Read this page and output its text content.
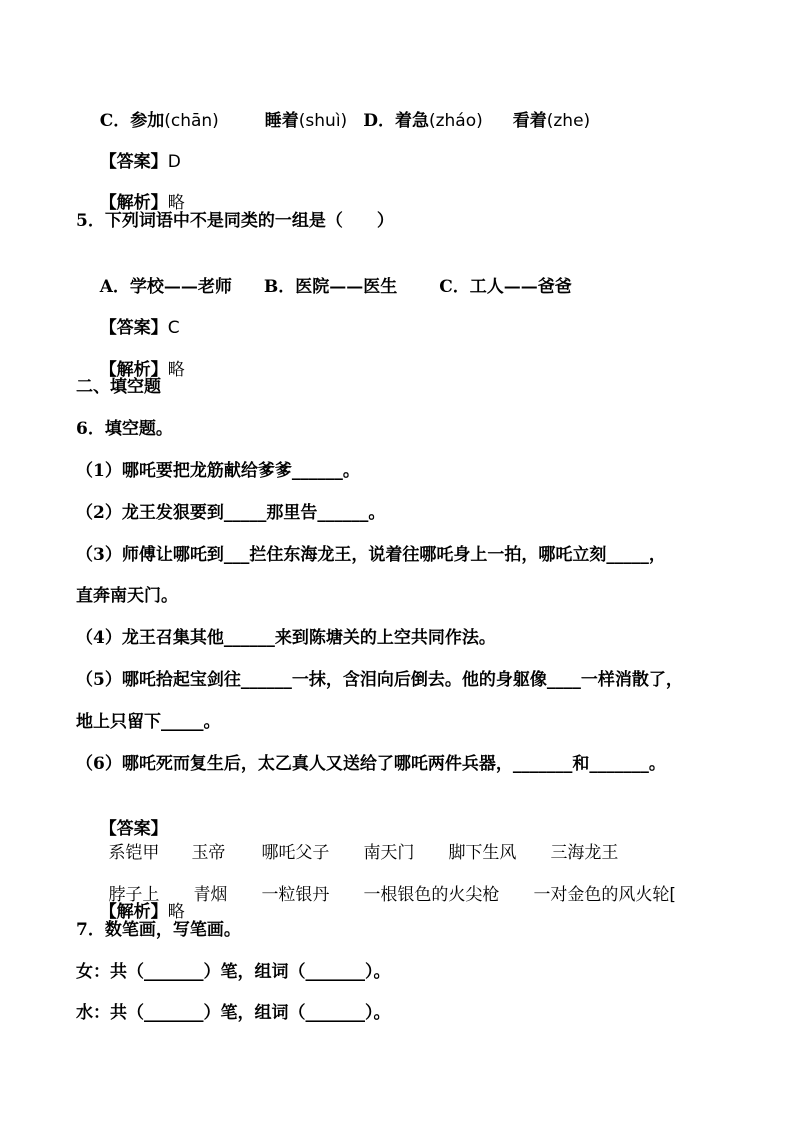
C．参加(chān)	睡着(shuì) D．着急(zháo) 看着(zhe)

【答案】D

【解析】略

5．下列词语中不是同类的一组是（　　）

A．学校——老师 B．医院——医生 C．工人——爸爸

【答案】C

【解析】略

二、填空题
6．填空题。
（1）哪吒要把龙筋献给爹爹______。
（2）龙王发狠要到_____那里告______。
（3）师傅让哪吒到___拦住东海龙王，说着往哪吒身上一拍，哪吒立刻_____，
直奔南天门。
（4）龙王召集其他______来到陈塘关的上空共同作法。
（5）哪吒拾起宝剑往______一抹，含泪向后倒去。他的身躯像____一样消散了，
地上只留下_____。
（6）哪吒死而复生后，太乙真人又送给了哪吒两件兵器，_______和_______。

【答案】
系铠甲 玉帝 哪吒父子 南天门 脚下生风 三海龙王

脖子上 青烟 一粒银丹 一根银色的火尖枪 一对金色的风火轮[

【解析】略

7．数笔画，写笔画。
女：共（_______）笔，组词（_______）。
水：共（_______）笔，组词（_______）。
